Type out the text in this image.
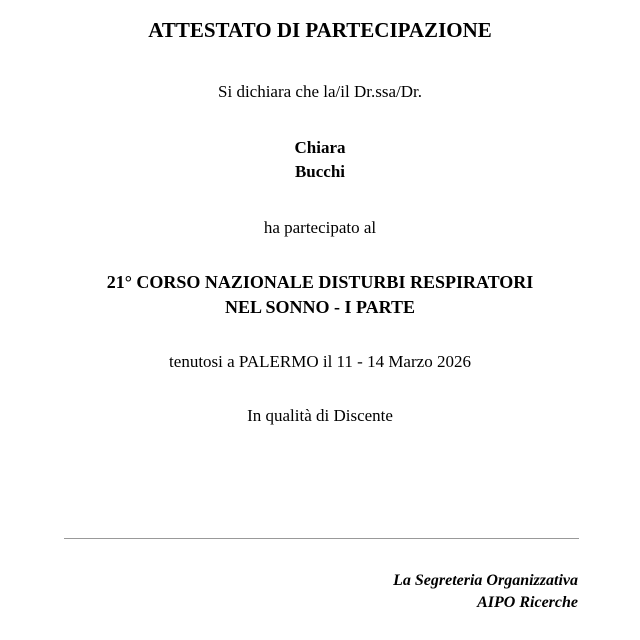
ATTESTATO DI PARTECIPAZIONE
Si dichiara che la/il Dr.ssa/Dr.
Chiara
Bucchi
ha partecipato al
21° CORSO NAZIONALE DISTURBI RESPIRATORI
NEL SONNO - I PARTE
tenutosi a PALERMO il 11 - 14 Marzo 2026
In qualità di Discente
La Segreteria Organizzativa
AIPO Ricerche
